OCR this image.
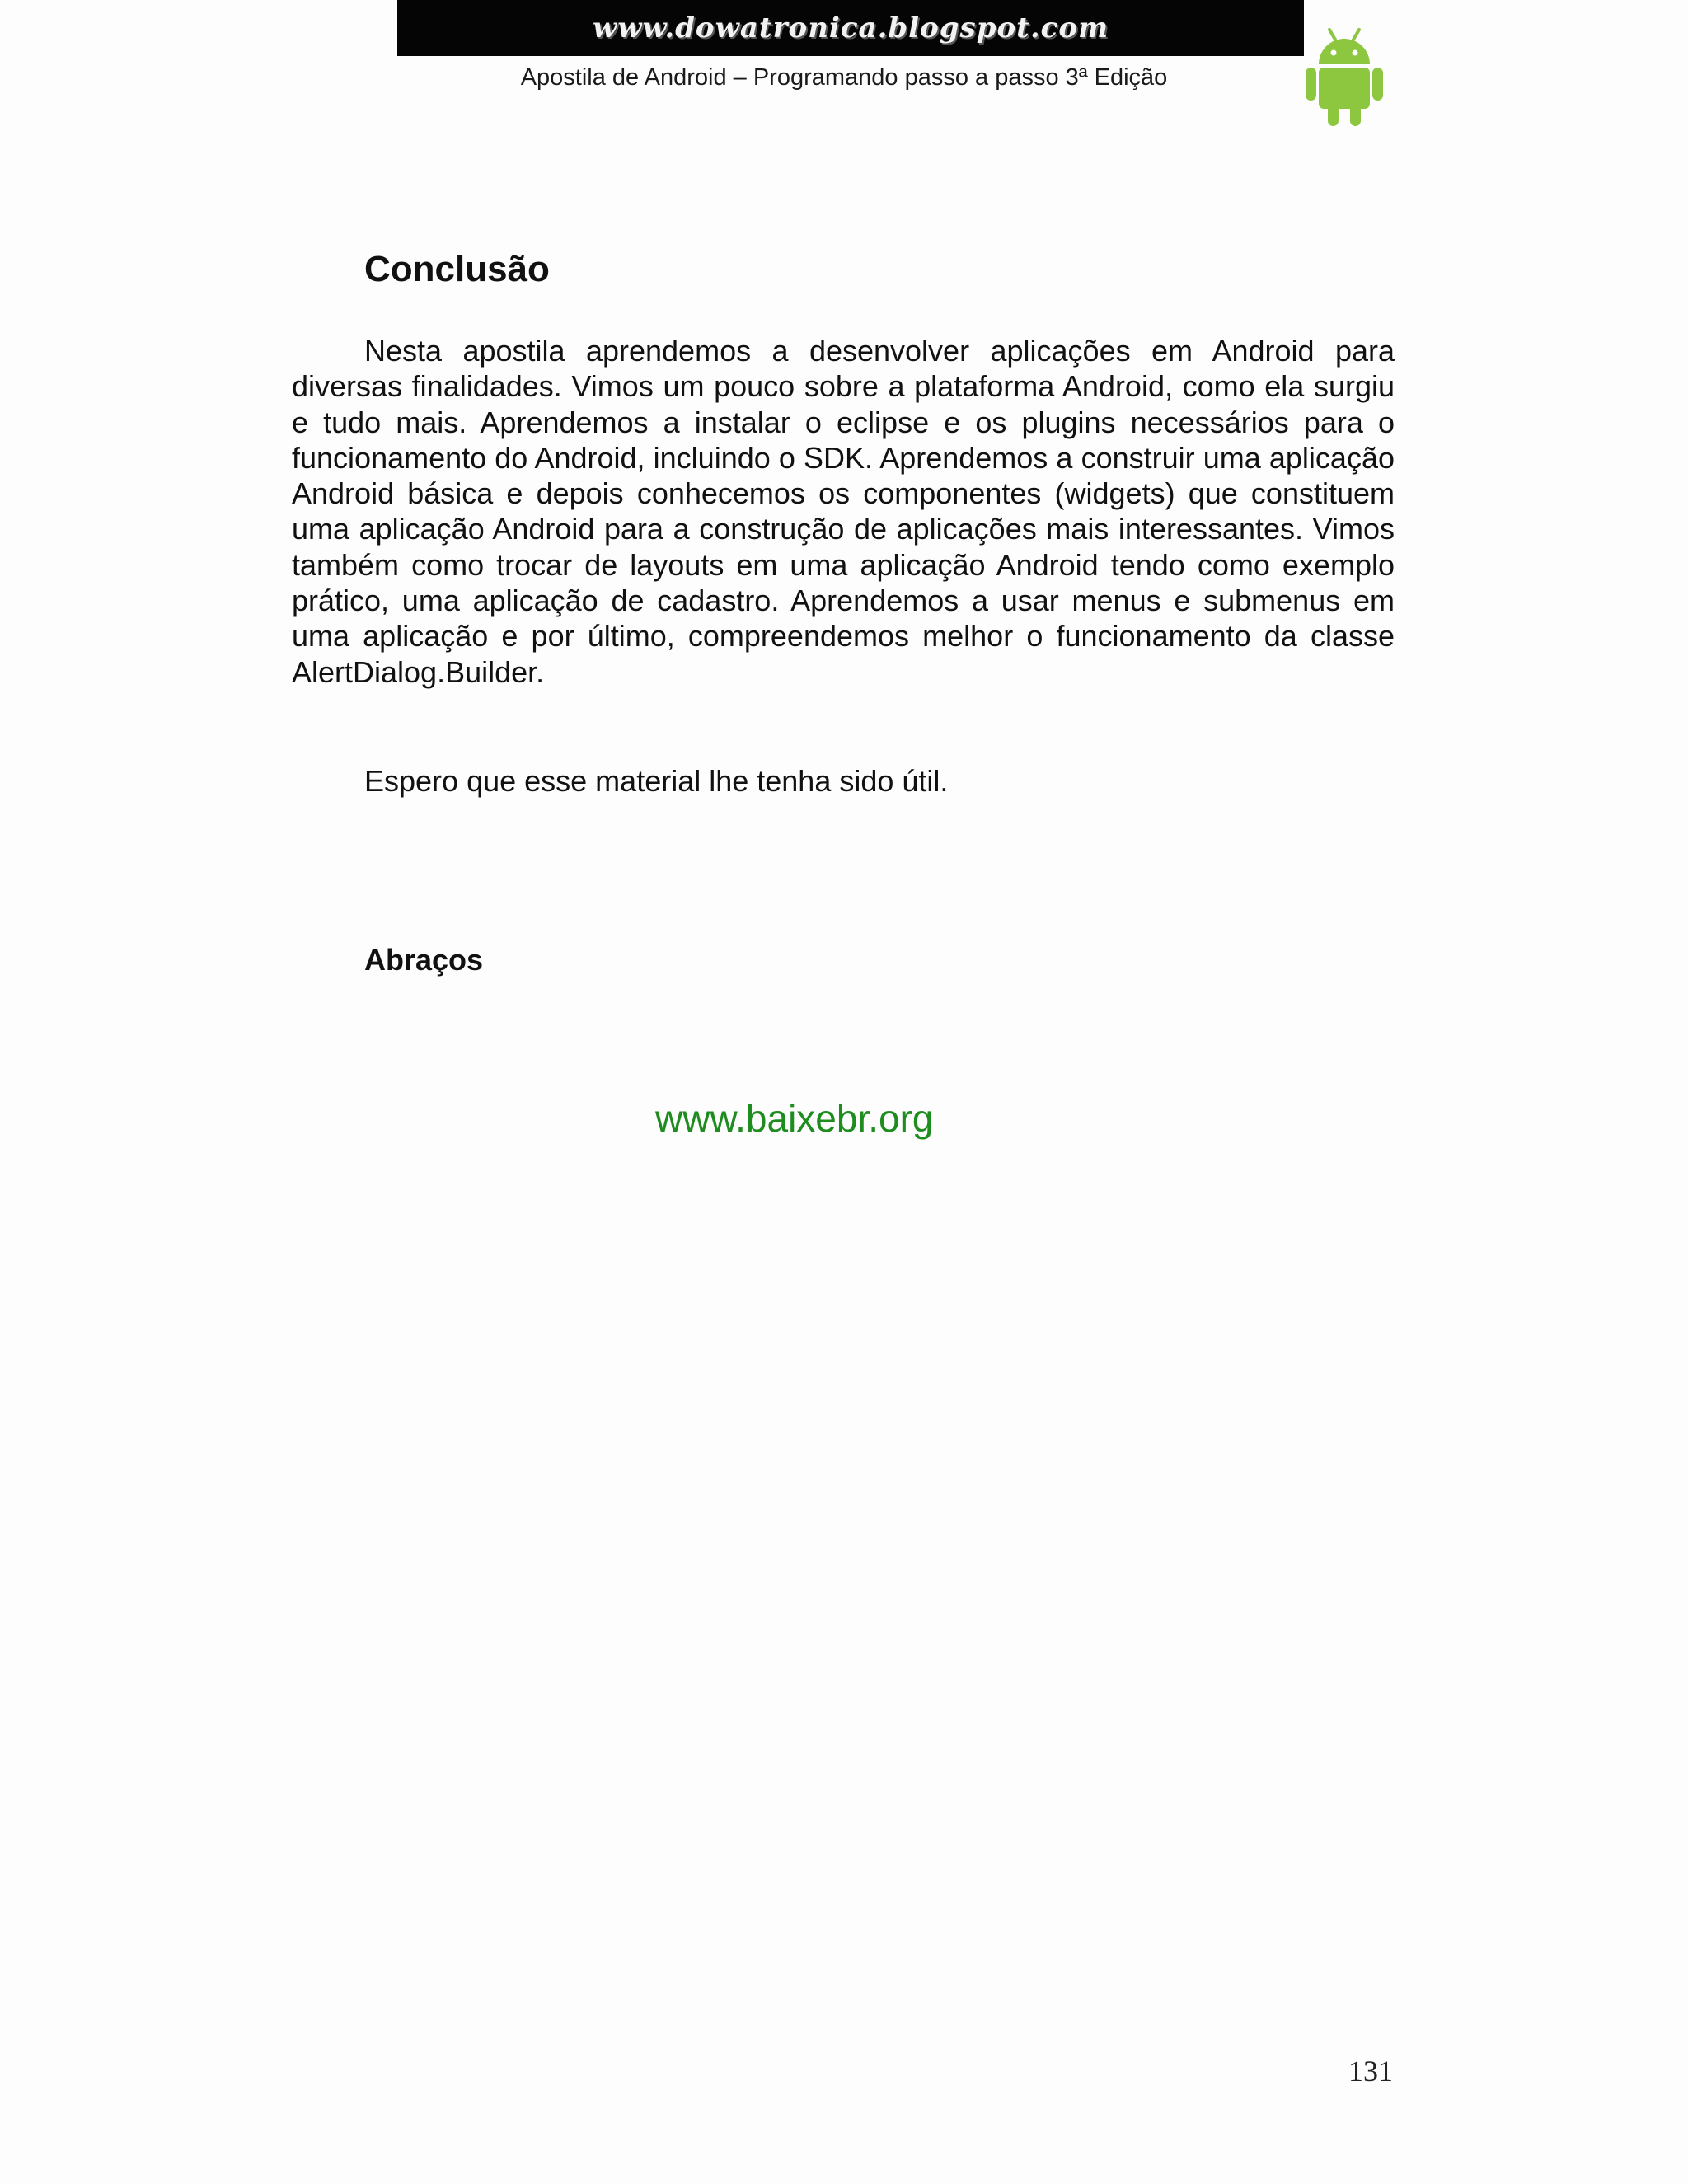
www.dowatronica.blogspot.com
Apostila de Android – Programando passo a passo 3ª Edição
Conclusão

Nesta apostila aprendemos a desenvolver aplicações em Android para diversas finalidades. Vimos um pouco sobre a plataforma Android, como ela surgiu e tudo mais. Aprendemos a instalar o eclipse e os plugins necessários para o funcionamento do Android, incluindo o SDK. Aprendemos a construir uma aplicação Android básica e depois conhecemos os componentes (widgets) que constituem uma aplicação Android para a construção de aplicações mais interessantes. Vimos também como trocar de layouts em uma aplicação Android tendo como exemplo prático, uma aplicação de cadastro. Aprendemos a usar menus e submenus em uma aplicação e por último, compreendemos melhor o funcionamento da classe AlertDialog.Builder.

Espero que esse material lhe tenha sido útil.

Abraços

www.baixebr.org
131
